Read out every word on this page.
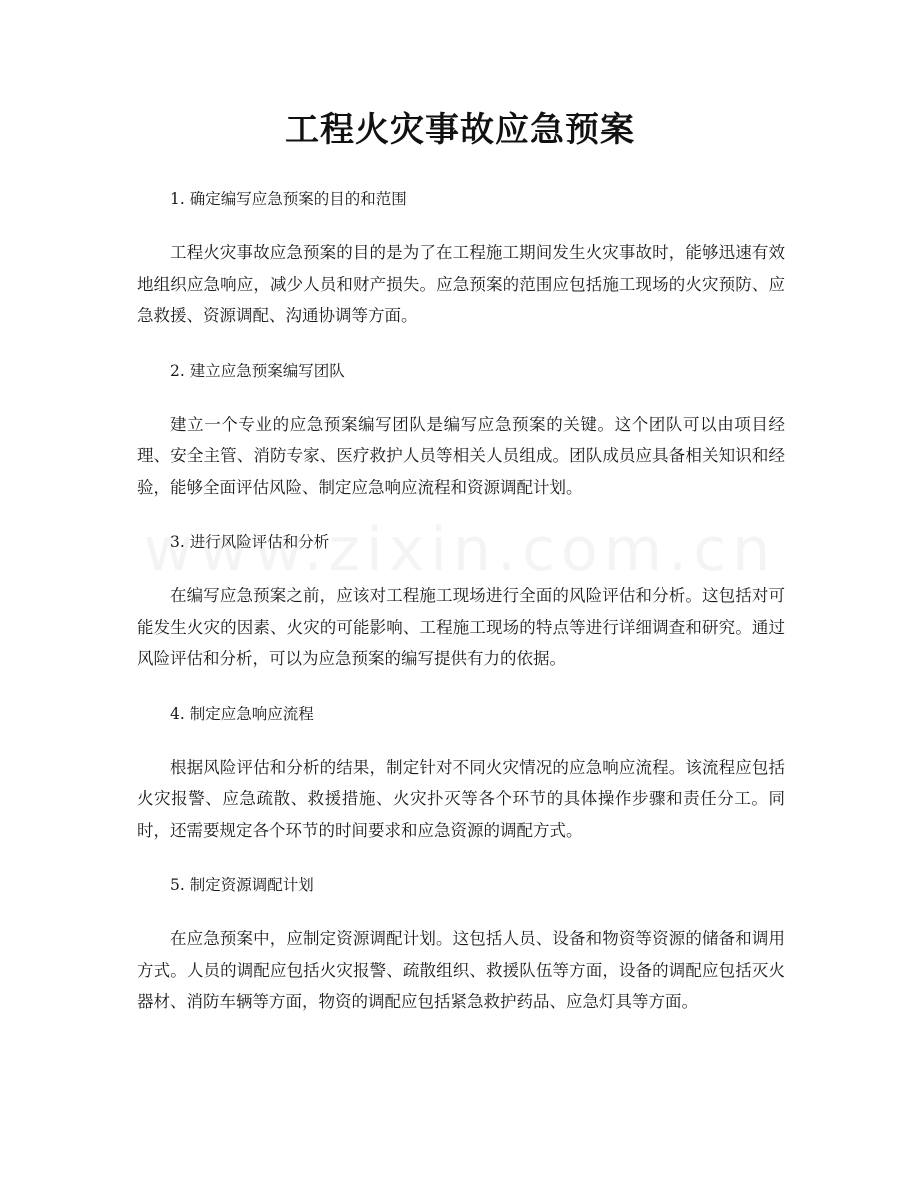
工程火灾事故应急预案

1. 确定编写应急预案的目的和范围

工程火灾事故应急预案的目的是为了在工程施工期间发生火灾事故时，能够迅速有效地组织应急响应，减少人员和财产损失。应急预案的范围应包括施工现场的火灾预防、应急救援、资源调配、沟通协调等方面。

2. 建立应急预案编写团队

建立一个专业的应急预案编写团队是编写应急预案的关键。这个团队可以由项目经理、安全主管、消防专家、医疗救护人员等相关人员组成。团队成员应具备相关知识和经验，能够全面评估风险、制定应急响应流程和资源调配计划。

3. 进行风险评估和分析

在编写应急预案之前，应该对工程施工现场进行全面的风险评估和分析。这包括对可能发生火灾的因素、火灾的可能影响、工程施工现场的特点等进行详细调查和研究。通过风险评估和分析，可以为应急预案的编写提供有力的依据。

4. 制定应急响应流程

根据风险评估和分析的结果，制定针对不同火灾情况的应急响应流程。该流程应包括火灾报警、应急疏散、救援措施、火灾扑灭等各个环节的具体操作步骤和责任分工。同时，还需要规定各个环节的时间要求和应急资源的调配方式。

5. 制定资源调配计划

在应急预案中，应制定资源调配计划。这包括人员、设备和物资等资源的储备和调用方式。人员的调配应包括火灾报警、疏散组织、救援队伍等方面，设备的调配应包括灭火器材、消防车辆等方面，物资的调配应包括紧急救护药品、应急灯具等方面。
